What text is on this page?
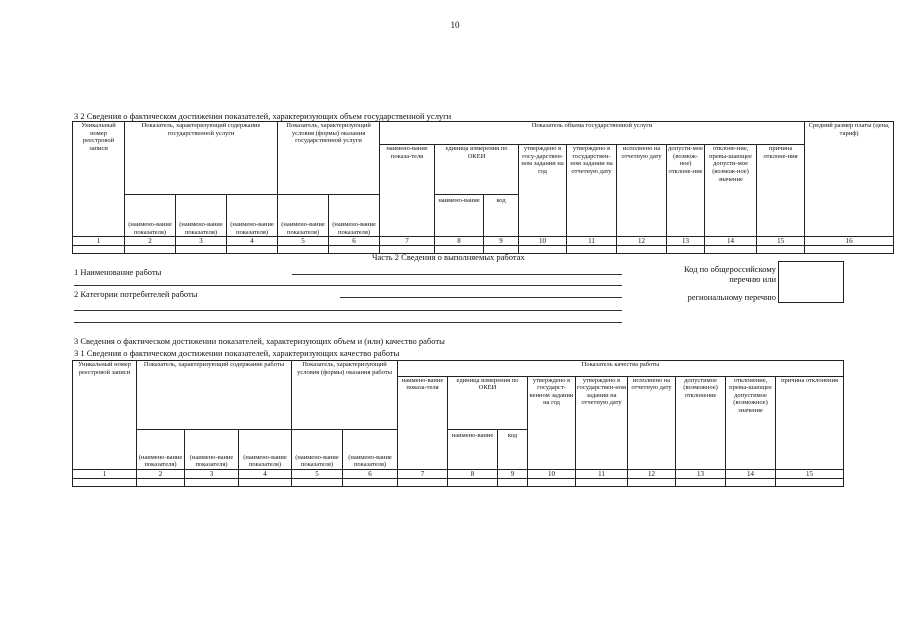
10
3 2 Сведения о фактическом достижении показателей, характеризующих объем государственной услуги
Уникальный номер реестровой записи	Показатель, характеризующий содержание государственной услуги			Показатель, характеризующий условия (формы) оказания государственной услуги		Показатель объема государственной услуги									Средний размер платы (цена, тариф)
						наимено-вание показа-теля	единица измерения по ОКЕИ		утверждено в госу-дарствен-ном задании на год	утверждено в государствен-ном задании на отчетную дату	исполнено на отчетную дату	допусти-мое (возмож-ное) отклоне-ние	отклоне-ние, превы-шающее допусти-мое (возмож-ное) значение	причина отклоне-ния	
	(наимено-вание показателя)	(наимено-вание показателя)	(наимено-вание показателя)	(наимено-вание показателя)	(наимено-вание показателя)		наимено-вание	код							
1	2	3	4	5	6	7	8	9	10	11	12	13	14	15	16

Часть 2 Сведения о выполняемых работах
1 Наименование работы
2 Категории потребителей работы
Код по общероссийскому
перечню или
региональному перечню
3 Сведения о фактическом достижении показателей, характеризующих объем и (или) качество работы
3 1 Сведения о фактическом достижении показателей, характеризующих качество работы
Уникальный номер реестровой записи	Показатель, характеризующий содержание работы			Показатель, характеризующий условия (формы) оказания работы		Показатель качества работы								
						наимено-вание показа-теля	единица измерения по ОКЕИ		утверждено в государст-венном задании на год	утверждено в государствен-ном задании на отчетную дату	исполнено на отчетную дату	допустимое (возможное) отклонение	отклонение, превы-шающее допустимое (возможное) значение	причина отклонения
	(наимено-вание показателя)	(наимено-вание показателя)	(наимено-вание показателя)	(наимено-вание показателя)	(наимено-вание показателя)		наимено-вание	код						
1	2	3	4	5	6	7	8	9	10	11	12	13	14	15
